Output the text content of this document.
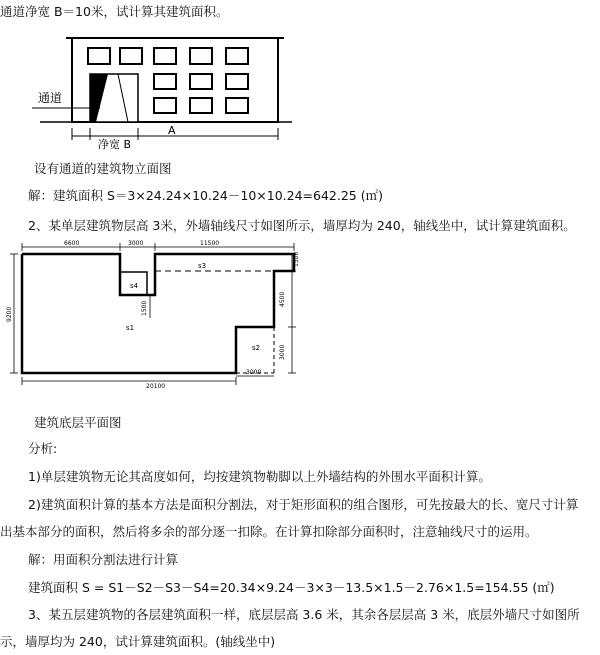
通道净宽 B＝10米，试计算其建筑面积。
通道
净宽 B
A
设有通道的建筑物立面图
解：建筑面积 S＝3×24.24×10.24－10×10.24=642.25 (㎡)
2、某单层建筑物层高 3米，外墙轴线尺寸如图所示，墙厚均为 240，轴线坐中，试计算建筑面积。
6600	3000	11500
1500
4500
3000
9200	1500
20100
3000
s1
s2
s3
s4
建筑底层平面图
分析:
1)单层建筑物无论其高度如何，均按建筑物勒脚以上外墙结构的外围水平面积计算。
2)建筑面积计算的基本方法是面积分割法，对于矩形面积的组合图形，可先按最大的长、宽尺寸计算
出基本部分的面积，然后将多余的部分逐一扣除。在计算扣除部分面积时，注意轴线尺寸的运用。
解：用面积分割法进行计算
建筑面积 S = S1－S2－S3－S4=20.34×9.24－3×3－13.5×1.5－2.76×1.5=154.55 (㎡)
3、某五层建筑物的各层建筑面积一样，底层层高 3.6 米，其余各层层高 3 米，底层外墙尺寸如图所
示，墙厚均为 240，试计算建筑面积。(轴线坐中)
